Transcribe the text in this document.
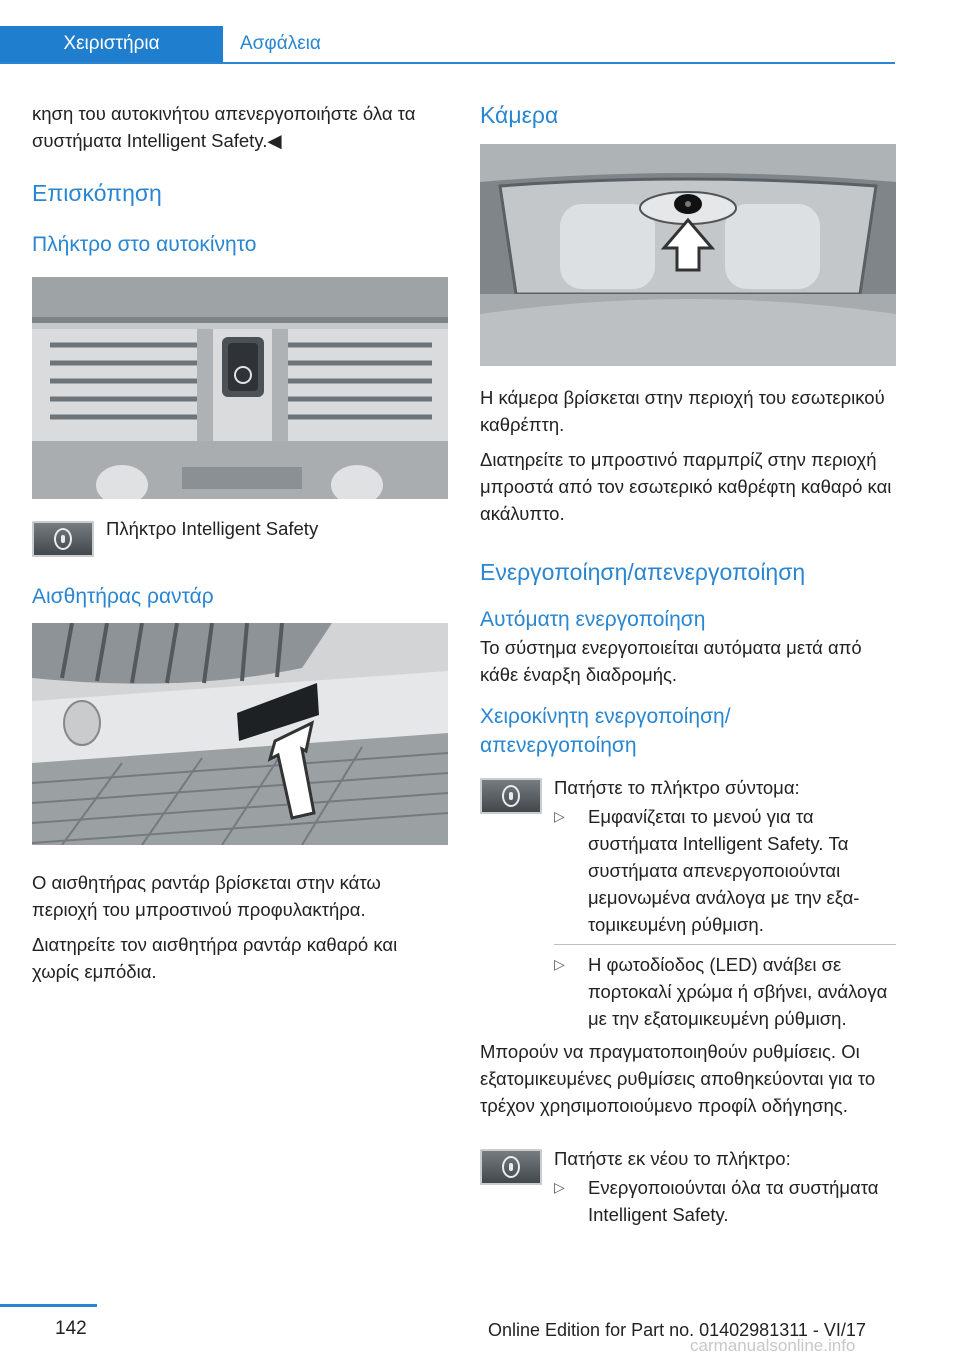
Χειριστήρια	Ασφάλεια

κηση του αυτοκινήτου απενεργοποιήστε όλα τα συστήματα Intelligent Safety.◀

Επισκόπηση
Πλήκτρο στο αυτοκίνητο

Πλήκτρο Intelligent Safety

Αισθητήρας ραντάρ

Ο αισθητήρας ραντάρ βρίσκεται στην κάτω περιοχή του μπροστινού προφυλακτήρα.

Διατηρείτε τον αισθητήρα ραντάρ καθαρό και χωρίς εμπόδια.

Κάμερα

Η κάμερα βρίσκεται στην περιοχή του εσωτερικού καθρέπτη.

Διατηρείτε το μπροστινό παρμπρίζ στην περιοχή μπροστά από τον εσωτερικό καθρέφτη καθαρό και ακάλυπτο.

Ενεργοποίηση/απενεργοποίηση
Αυτόματη ενεργοποίηση

Το σύστημα ενεργοποιείται αυτόματα μετά από κάθε έναρξη διαδρομής.

Χειροκίνητη ενεργοποίηση/απενεργοποίηση

Πατήστε το πλήκτρο σύντομα:

▷ Εμφανίζεται το μενού για τα συστήματα Intelligent Safety. Τα συστήματα απενεργοποιούνται μεμονωμένα ανάλογα με την εξατομικευμένη ρύθμιση.
▷ Η φωτοδίοδος (LED) ανάβει σε πορτοκαλί χρώμα ή σβήνει, ανάλογα με την εξατομικευμένη ρύθμιση.

Μπορούν να πραγματοποιηθούν ρυθμίσεις. Οι εξατομικευμένες ρυθμίσεις αποθηκεύονται για το τρέχον χρησιμοποιούμενο προφίλ οδήγησης.

Πατήστε εκ νέου το πλήκτρο:

▷ Ενεργοποιούνται όλα τα συστήματα Intelligent Safety.
142	Online Edition for Part no. 01402981311 - VI/17
carmanualsonline.info
